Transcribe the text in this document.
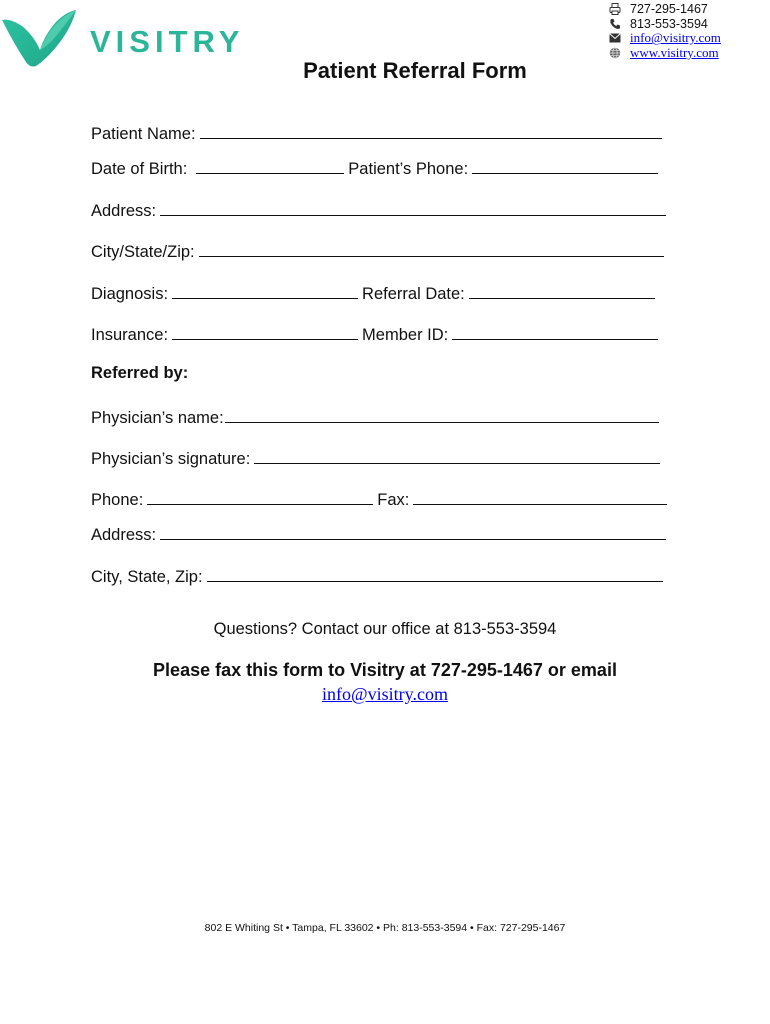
VISITRY
727-295-1467
813-553-3594
info@visitry.com
www.visitry.com
Patient Referral Form
Patient Name:
Date of Birth:	Patient’s Phone:
Address:
City/State/Zip:
Diagnosis:	Referral Date:
Insurance:	Member ID:
Referred by:
Physician’s name:
Physician’s signature:
Phone:	Fax:
Address:
City, State, Zip:
Questions? Contact our office at 813-553-3594
Please fax this form to Visitry at 727-295-1467 or email
info@visitry.com
802 E Whiting St • Tampa, FL 33602 • Ph: 813-553-3594 • Fax: 727-295-1467
